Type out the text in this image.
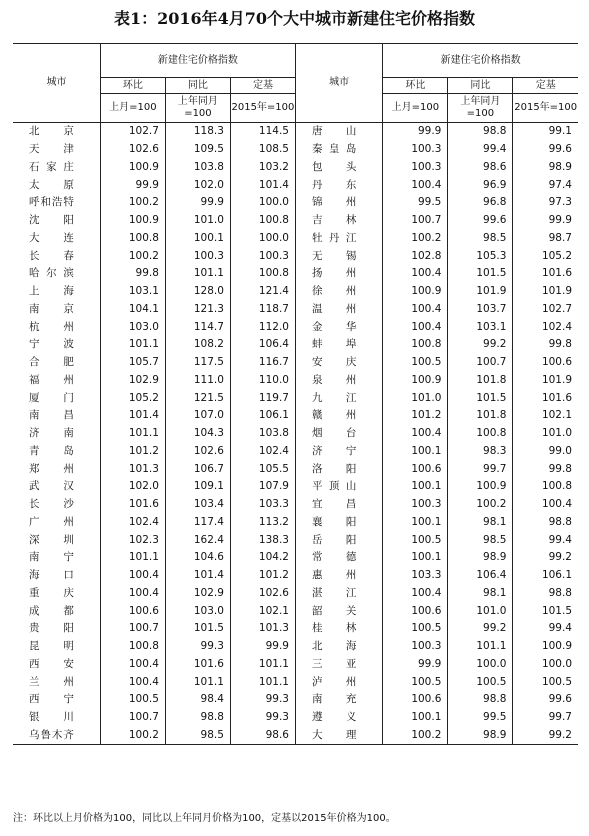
表1：2016年4月70个大中城市新建住宅价格指数
城市	新建住宅价格指数			城市	新建住宅价格指数		
	环比	同比	定基		环比	同比	定基
	上月=100	上年同月=100	2015年=100		上月=100	上年同月=100	2015年=100
北京	102.7	118.3	114.5	唐山	99.9	98.8	99.1
天津	102.6	109.5	108.5	秦皇岛	100.3	99.4	99.6
石家庄	100.9	103.8	103.2	包头	100.3	98.6	98.9
太原	99.9	102.0	101.4	丹东	100.4	96.9	97.4
呼和浩特	100.2	99.9	100.0	锦州	99.5	96.8	97.3
沈阳	100.9	101.0	100.8	吉林	100.7	99.6	99.9
大连	100.8	100.1	100.0	牡丹江	100.2	98.5	98.7
长春	100.2	100.3	100.3	无锡	102.8	105.3	105.2
哈尔滨	99.8	101.1	100.8	扬州	100.4	101.5	101.6
上海	103.1	128.0	121.4	徐州	100.9	101.9	101.9
南京	104.1	121.3	118.7	温州	100.4	103.7	102.7
杭州	103.0	114.7	112.0	金华	100.4	103.1	102.4
宁波	101.1	108.2	106.4	蚌埠	100.8	99.2	99.8
合肥	105.7	117.5	116.7	安庆	100.5	100.7	100.6
福州	102.9	111.0	110.0	泉州	100.9	101.8	101.9
厦门	105.2	121.5	119.7	九江	101.0	101.5	101.6
南昌	101.4	107.0	106.1	赣州	101.2	101.8	102.1
济南	101.1	104.3	103.8	烟台	100.4	100.8	101.0
青岛	101.2	102.6	102.4	济宁	100.1	98.3	99.0
郑州	101.3	106.7	105.5	洛阳	100.6	99.7	99.8
武汉	102.0	109.1	107.9	平顶山	100.1	100.9	100.8
长沙	101.6	103.4	103.3	宜昌	100.3	100.2	100.4
广州	102.4	117.4	113.2	襄阳	100.1	98.1	98.8
深圳	102.3	162.4	138.3	岳阳	100.5	98.5	99.4
南宁	101.1	104.6	104.2	常德	100.1	98.9	99.2
海口	100.4	101.4	101.2	惠州	103.3	106.4	106.1
重庆	100.4	102.9	102.6	湛江	100.4	98.1	98.8
成都	100.6	103.0	102.1	韶关	100.6	101.0	101.5
贵阳	100.7	101.5	101.3	桂林	100.5	99.2	99.4
昆明	100.8	99.3	99.9	北海	100.3	101.1	100.9
西安	100.4	101.6	101.1	三亚	99.9	100.0	100.0
兰州	100.4	101.1	101.1	泸州	100.5	100.5	100.5
西宁	100.5	98.4	99.3	南充	100.6	98.8	99.6
银川	100.7	98.8	99.3	遵义	100.1	99.5	99.7
乌鲁木齐	100.2	98.5	98.6	大理	100.2	98.9	99.2
注：环比以上月价格为100，同比以上年同月价格为100，定基以2015年价格为100。
